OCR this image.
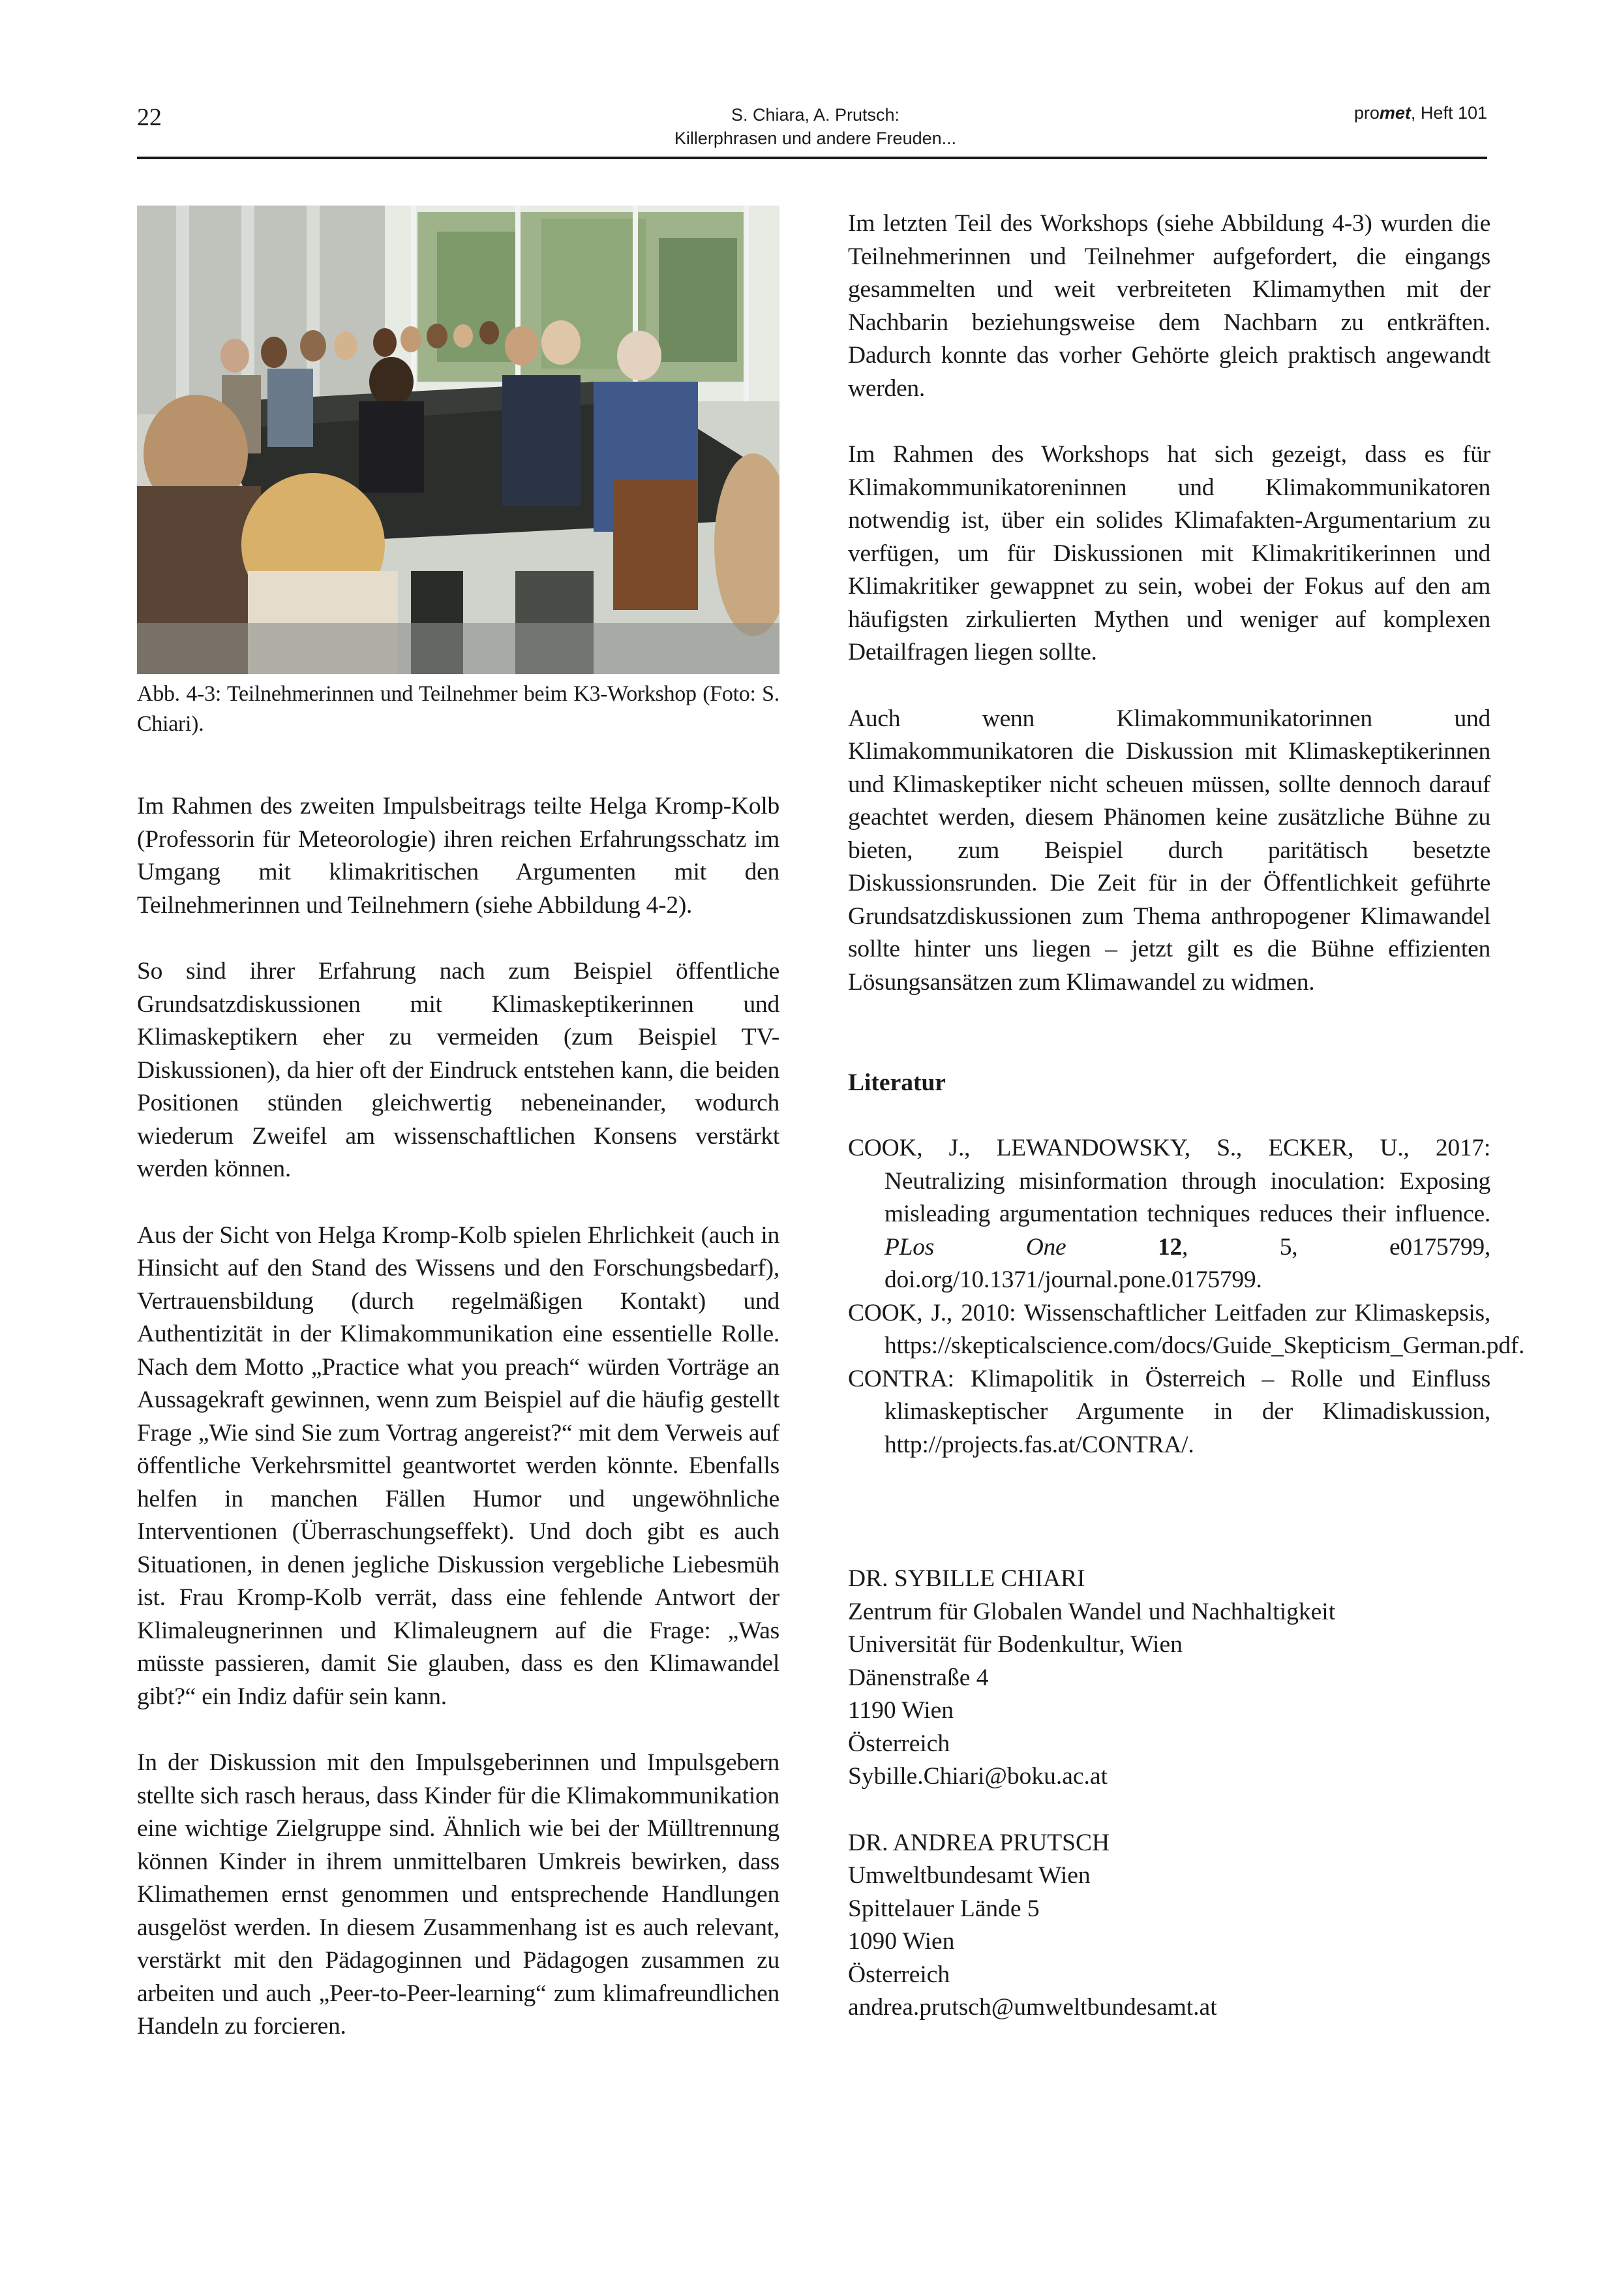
22	S. Chiara, A. Prutsch:
Killerphrasen und andere Freuden...
promet, Heft 101
Abb. 4-3: Teilnehmerinnen und Teilnehmer beim K3-Workshop (Foto: S. Chiari).

Im Rahmen des zweiten Impulsbeitrags teilte Helga Kromp-Kolb (Professorin für Meteorologie) ihren reichen Erfahrungsschatz im Umgang mit klimakritischen Argumenten mit den Teilnehmerinnen und Teilnehmern (siehe Abbildung 4-2).

So sind ihrer Erfahrung nach zum Beispiel öffentliche Grundsatzdiskussionen mit Klimaskeptikerinnen und Klimaskeptikern eher zu vermeiden (zum Beispiel TV-Diskussionen), da hier oft der Eindruck entstehen kann, die beiden Positionen stünden gleichwertig nebeneinander, wodurch wiederum Zweifel am wissenschaftlichen Konsens verstärkt werden können.

Aus der Sicht von Helga Kromp-Kolb spielen Ehrlichkeit (auch in Hinsicht auf den Stand des Wissens und den Forschungsbedarf), Vertrauensbildung (durch regelmäßigen Kontakt) und Authentizität in der Klimakommunikation eine essentielle Rolle. Nach dem Motto „Practice what you preach“ würden Vorträge an Aussagekraft gewinnen, wenn zum Beispiel auf die häufig gestellt Frage „Wie sind Sie zum Vortrag angereist?“ mit dem Verweis auf öffentliche Verkehrsmittel geantwortet werden könnte. Ebenfalls helfen in manchen Fällen Humor und ungewöhnliche Interventionen (Überraschungseffekt). Und doch gibt es auch Situationen, in denen jegliche Diskussion vergebliche Liebesmüh ist. Frau Kromp-Kolb verrät, dass eine fehlende Antwort der Klimaleugnerinnen und Klimaleugnern auf die Frage: „Was müsste passieren, damit Sie glauben, dass es den Klimawandel gibt?“ ein Indiz dafür sein kann.

In der Diskussion mit den Impulsgeberinnen und Impulsgebern stellte sich rasch heraus, dass Kinder für die Klimakommunikation eine wichtige Zielgruppe sind. Ähnlich wie bei der Mülltrennung können Kinder in ihrem unmittelbaren Umkreis bewirken, dass Klimathemen ernst genommen und entsprechende Handlungen ausgelöst werden. In diesem Zusammenhang ist es auch relevant, verstärkt mit den Pädagoginnen und Pädagogen zusammen zu arbeiten und auch „Peer-to-Peer-learning“ zum klimafreundlichen Handeln zu forcieren.

Im letzten Teil des Workshops (siehe Abbildung 4-3) wurden die Teilnehmerinnen und Teilnehmer aufgefordert, die eingangs gesammelten und weit verbreiteten Klimamythen mit der Nachbarin beziehungsweise dem Nachbarn zu entkräften. Dadurch konnte das vorher Gehörte gleich praktisch angewandt werden.

Im Rahmen des Workshops hat sich gezeigt, dass es für Klimakommunikatoreninnen und Klimakommunikatoren notwendig ist, über ein solides Klimafakten-Argumentarium zu verfügen, um für Diskussionen mit Klimakritikerinnen und Klimakritiker gewappnet zu sein, wobei der Fokus auf den am häufigsten zirkulierten Mythen und weniger auf komplexen Detailfragen liegen sollte.

Auch wenn Klimakommunikatorinnen und Klimakommunikatoren die Diskussion mit Klimaskeptikerinnen und Klimaskeptiker nicht scheuen müssen, sollte dennoch darauf geachtet werden, diesem Phänomen keine zusätzliche Bühne zu bieten, zum Beispiel durch paritätisch besetzte Diskussionsrunden. Die Zeit für in der Öffentlichkeit geführte Grundsatzdiskussionen zum Thema anthropogener Klimawandel sollte hinter uns liegen – jetzt gilt es die Bühne effizienten Lösungsansätzen zum Klimawandel zu widmen.

Literatur

COOK, J., LEWANDOWSKY, S., ECKER, U., 2017: Neutralizing misinformation through inoculation: Exposing misleading argumentation techniques reduces their influence. PLos One 12, 5, e0175799, doi.org/10.1371/journal.pone.0175799.

COOK, J., 2010: Wissenschaftlicher Leitfaden zur Klimaskepsis, https://skepticalscience.com/docs/Guide_Skepticism_German.pdf.

CONTRA: Klimapolitik in Österreich – Rolle und Einfluss klimaskeptischer Argumente in der Klimadiskussion, http://projects.fas.at/CONTRA/.

DR. SYBILLE CHIARI
Zentrum für Globalen Wandel und Nachhaltigkeit
Universität für Bodenkultur, Wien
Dänenstraße 4
1190 Wien
Österreich
Sybille.Chiari@boku.ac.at
DR. ANDREA PRUTSCH
Umweltbundesamt Wien
Spittelauer Lände 5
1090 Wien
Österreich
andrea.prutsch@umweltbundesamt.at
